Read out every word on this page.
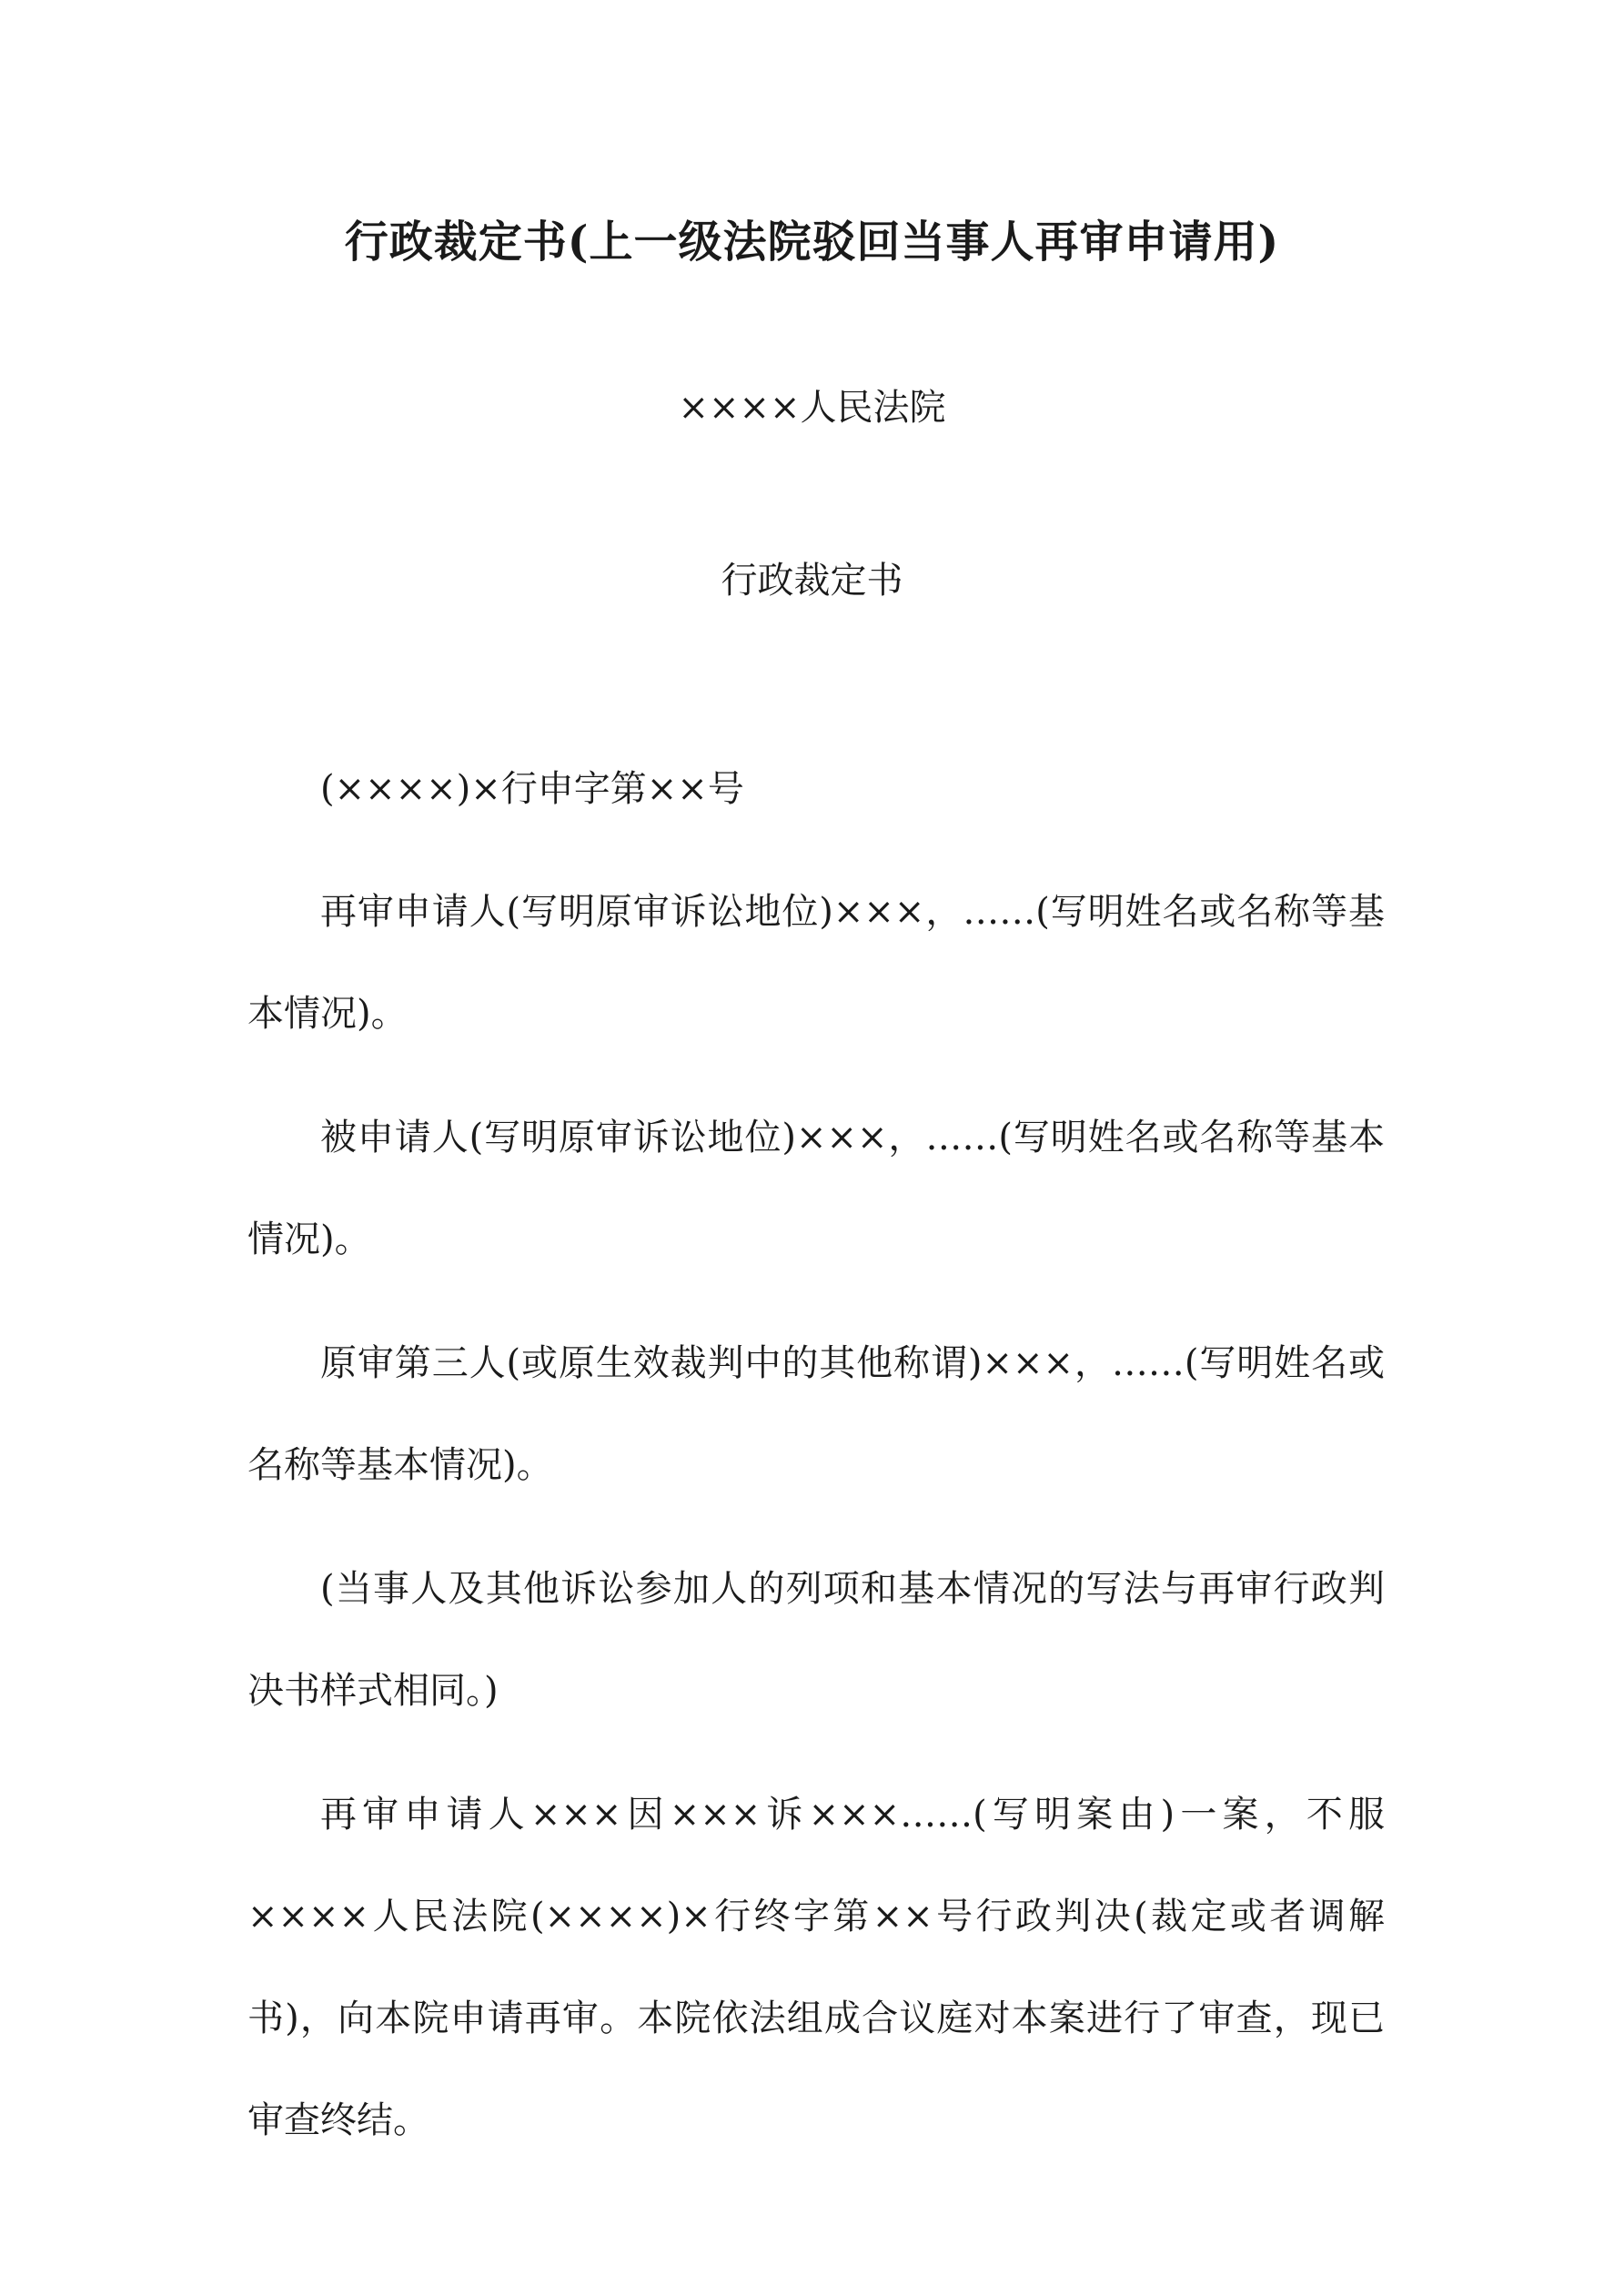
行政裁定书(上一级法院驳回当事人再审申请用)
××××人民法院
行政裁定书

(××××)×行申字第××号

再审申请人(写明原审诉讼地位)×××，……(写明姓名或名称等基本情况)。

被申请人(写明原审诉讼地位)×××，……(写明姓名或名称等基本情况)。

原审第三人(或原生效裁判中的其他称谓)×××，……(写明姓名或名称等基本情况)。

(当事人及其他诉讼参加人的列项和基本情况的写法与再审行政判决书样式相同。)

再审申请人×××因×××诉×××……(写明案由)一案，不服××××人民法院(××××)×行终字第××号行政判决(裁定或者调解书)，向本院申请再审。本院依法组成合议庭对本案进行了审查，现已审查终结。
